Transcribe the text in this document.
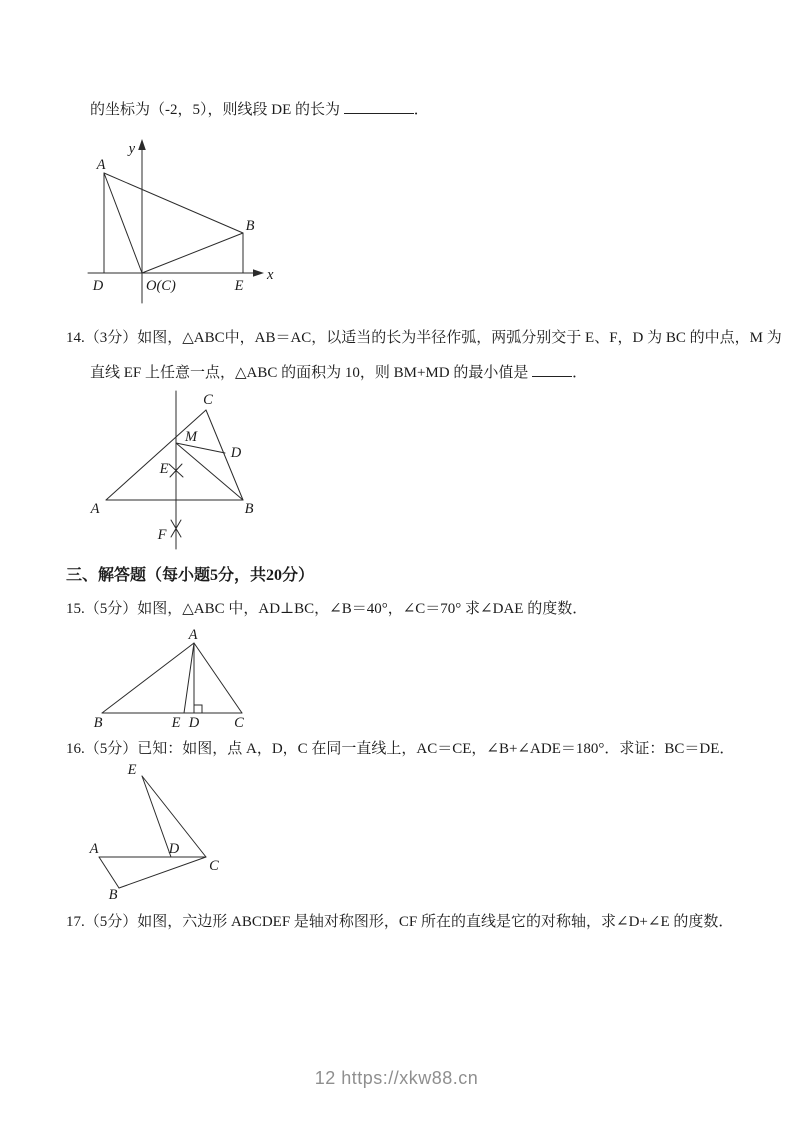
的坐标为（-2，5），则线段 DE 的长为	．
y
x
A
B
D	E
O(C)
14.（3分）如图，△ABC中，AB＝AC，以适当的长为半径作弧，两弧分别交于 E、F，D 为 BC 的中点，M 为
直线 EF 上任意一点，△ABC 的面积为 10，则 BM+MD 的最小值是	．
C
M
D
E
A	B
F
三、解答题（每小题5分，共20分）
15.（5分）如图，△ABC 中，AD⊥BC，∠B＝40°，∠C＝70° 求∠DAE 的度数．
A
B	E D C
16.（5分）已知：如图，点 A，D，C 在同一直线上，AC＝CE，∠B+∠ADE＝180°．求证：BC＝DE．
E
A	D
C
B
17.（5分）如图，六边形 ABCDEF 是轴对称图形，CF 所在的直线是它的对称轴，求∠D+∠E 的度数．
12 https://xkw88.cn
